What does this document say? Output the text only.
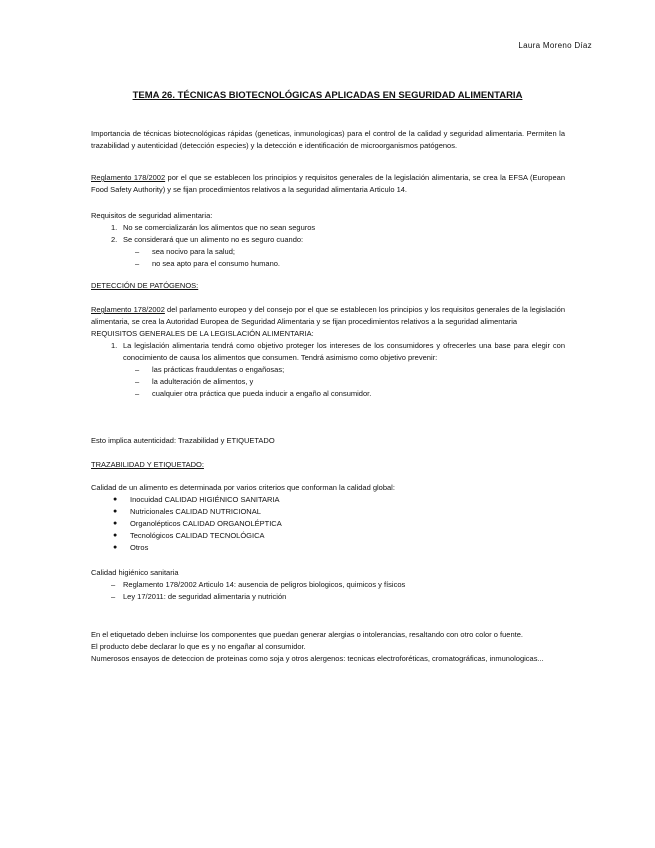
Laura Moreno Díaz
TEMA 26. TÉCNICAS BIOTECNOLÓGICAS APLICADAS EN SEGURIDAD ALIMENTARIA

Importancia de técnicas biotecnológicas rápidas (geneticas, inmunologicas) para el control de la calidad y seguridad alimentaria. Permiten la trazabilidad y autenticidad (detección especies) y la detección e identificación de microorganismos patógenos.

Reglamento 178/2002 por el que se establecen los principios y requisitos generales de la legislación alimentaria, se crea la EFSA (European Food Safety Authority) y se fijan procedimientos relativos a la seguridad alimentaria Articulo 14.

Requisitos de seguridad alimentaria:

1. No se comercializarán los alimentos que no sean seguros
2. Se considerará que un alimento no es seguro cuando:
– sea nocivo para la salud;
– no sea apto para el consumo humano.

DETECCIÓN DE PATÓGENOS:

Reglamento 178/2002 del parlamento europeo y del consejo por el que se establecen los principios y los requisitos generales de la legislación alimentaria, se crea la Autoridad Europea de Seguridad Alimentaria y se fijan procedimientos relativos a la seguridad alimentaria

REQUISITOS GENERALES DE LA LEGISLACIÓN ALIMENTARIA:

1. La legislación alimentaria tendrá como objetivo proteger los intereses de los consumidores y ofrecerles una base para elegir con conocimiento de causa los alimentos que consumen. Tendrá asimismo como objetivo prevenir:
– las prácticas fraudulentas o engañosas;
– la adulteración de alimentos, y
– cualquier otra práctica que pueda inducir a engaño al consumidor.

Esto implica autenticidad: Trazabilidad y ETIQUETADO

TRAZABILIDAD Y ETIQUETADO:

Calidad de un alimento es determinada por varios criterios que conforman la calidad global:

● Inocuidad CALIDAD HIGIÉNICO SANITARIA
● Nutricionales CALIDAD NUTRICIONAL
● Organolépticos CALIDAD ORGANOLÉPTICA
● Tecnológicos CALIDAD TECNOLÓGICA
● Otros

Calidad higiénico sanitaria

– Reglamento 178/2002 Articulo 14: ausencia de peligros biologicos, quimicos y físicos
– Ley 17/2011: de seguridad alimentaria y nutrición

En el etiquetado deben incluirse los componentes que puedan generar alergias o intolerancias, resaltando con otro color o fuente.

El producto debe declarar lo que es y no engañar al consumidor.

Numerosos ensayos de deteccion de proteinas como soja y otros alergenos: tecnicas electroforéticas, cromatográficas, inmunologicas...
